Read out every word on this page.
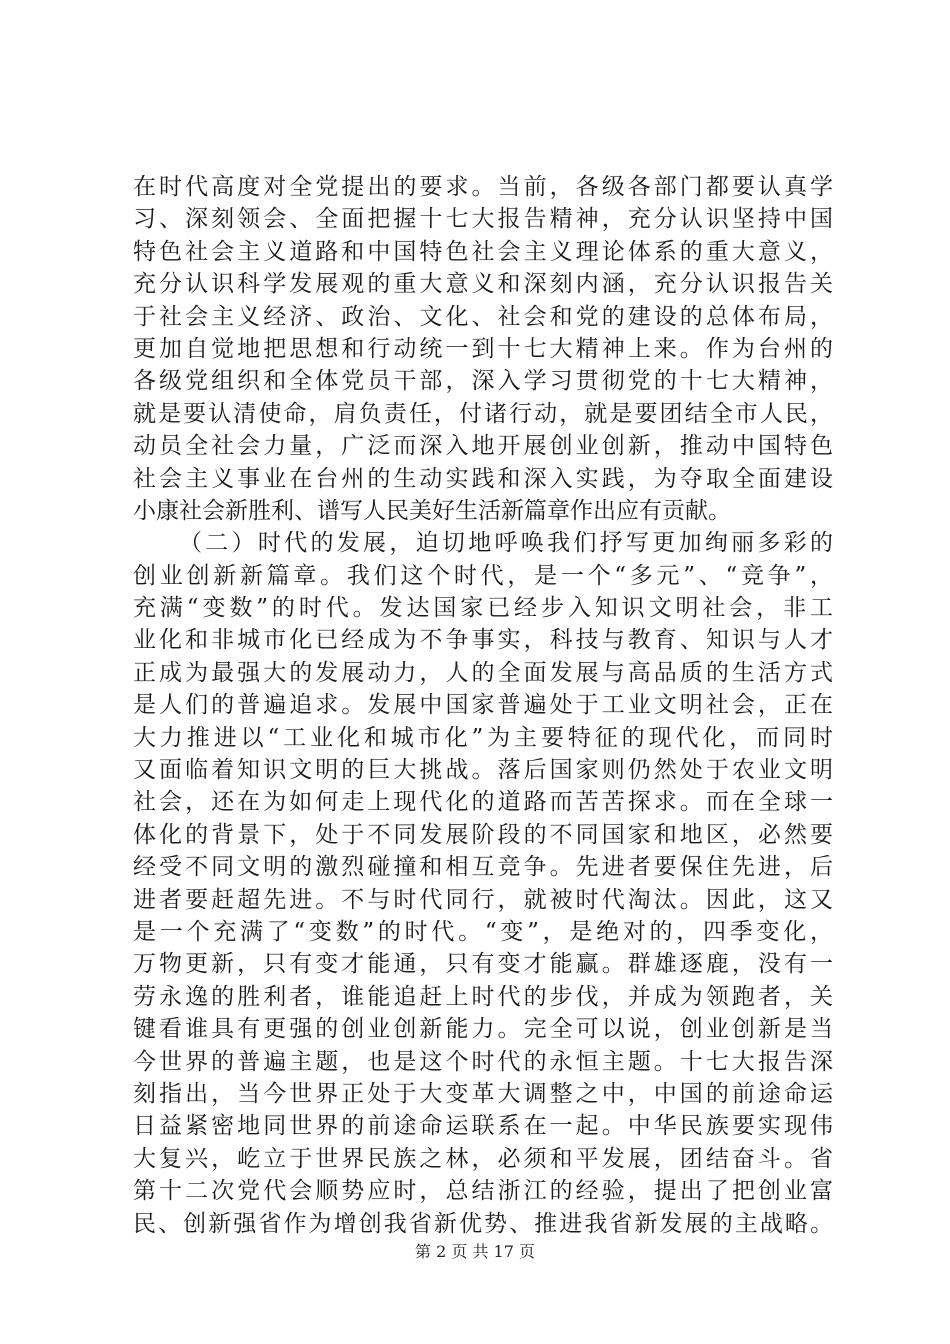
在时代高度对全党提出的要求。当前，各级各部门都要认真学
习、深刻领会、全面把握十七大报告精神，充分认识坚持中国
特色社会主义道路和中国特色社会主义理论体系的重大意义，
充分认识科学发展观的重大意义和深刻内涵，充分认识报告关
于社会主义经济、政治、文化、社会和党的建设的总体布局，
更加自觉地把思想和行动统一到十七大精神上来。作为台州的
各级党组织和全体党员干部，深入学习贯彻党的十七大精神，
就是要认清使命，肩负责任，付诸行动，就是要团结全市人民，
动员全社会力量，广泛而深入地开展创业创新，推动中国特色
社会主义事业在台州的生动实践和深入实践，为夺取全面建设
小康社会新胜利、谱写人民美好生活新篇章作出应有贡献。
（二）时代的发展，迫切地呼唤我们抒写更加绚丽多彩的
创业创新新篇章。我们这个时代，是一个“多元”、“竞争”，
充满“变数”的时代。发达国家已经步入知识文明社会，非工
业化和非城市化已经成为不争事实，科技与教育、知识与人才
正成为最强大的发展动力，人的全面发展与高品质的生活方式
是人们的普遍追求。发展中国家普遍处于工业文明社会，正在
大力推进以“工业化和城市化”为主要特征的现代化，而同时
又面临着知识文明的巨大挑战。落后国家则仍然处于农业文明
社会，还在为如何走上现代化的道路而苦苦探求。而在全球一
体化的背景下，处于不同发展阶段的不同国家和地区，必然要
经受不同文明的激烈碰撞和相互竞争。先进者要保住先进，后
进者要赶超先进。不与时代同行，就被时代淘汰。因此，这又
是一个充满了“变数”的时代。“变”，是绝对的，四季变化，
万物更新，只有变才能通，只有变才能赢。群雄逐鹿，没有一
劳永逸的胜利者，谁能追赶上时代的步伐，并成为领跑者，关
键看谁具有更强的创业创新能力。完全可以说，创业创新是当
今世界的普遍主题，也是这个时代的永恒主题。十七大报告深
刻指出，当今世界正处于大变革大调整之中，中国的前途命运
日益紧密地同世界的前途命运联系在一起。中华民族要实现伟
大复兴，屹立于世界民族之林，必须和平发展，团结奋斗。省
第十二次党代会顺势应时，总结浙江的经验，提出了把创业富
民、创新强省作为增创我省新优势、推进我省新发展的主战略。
第 2 页 共 17 页
